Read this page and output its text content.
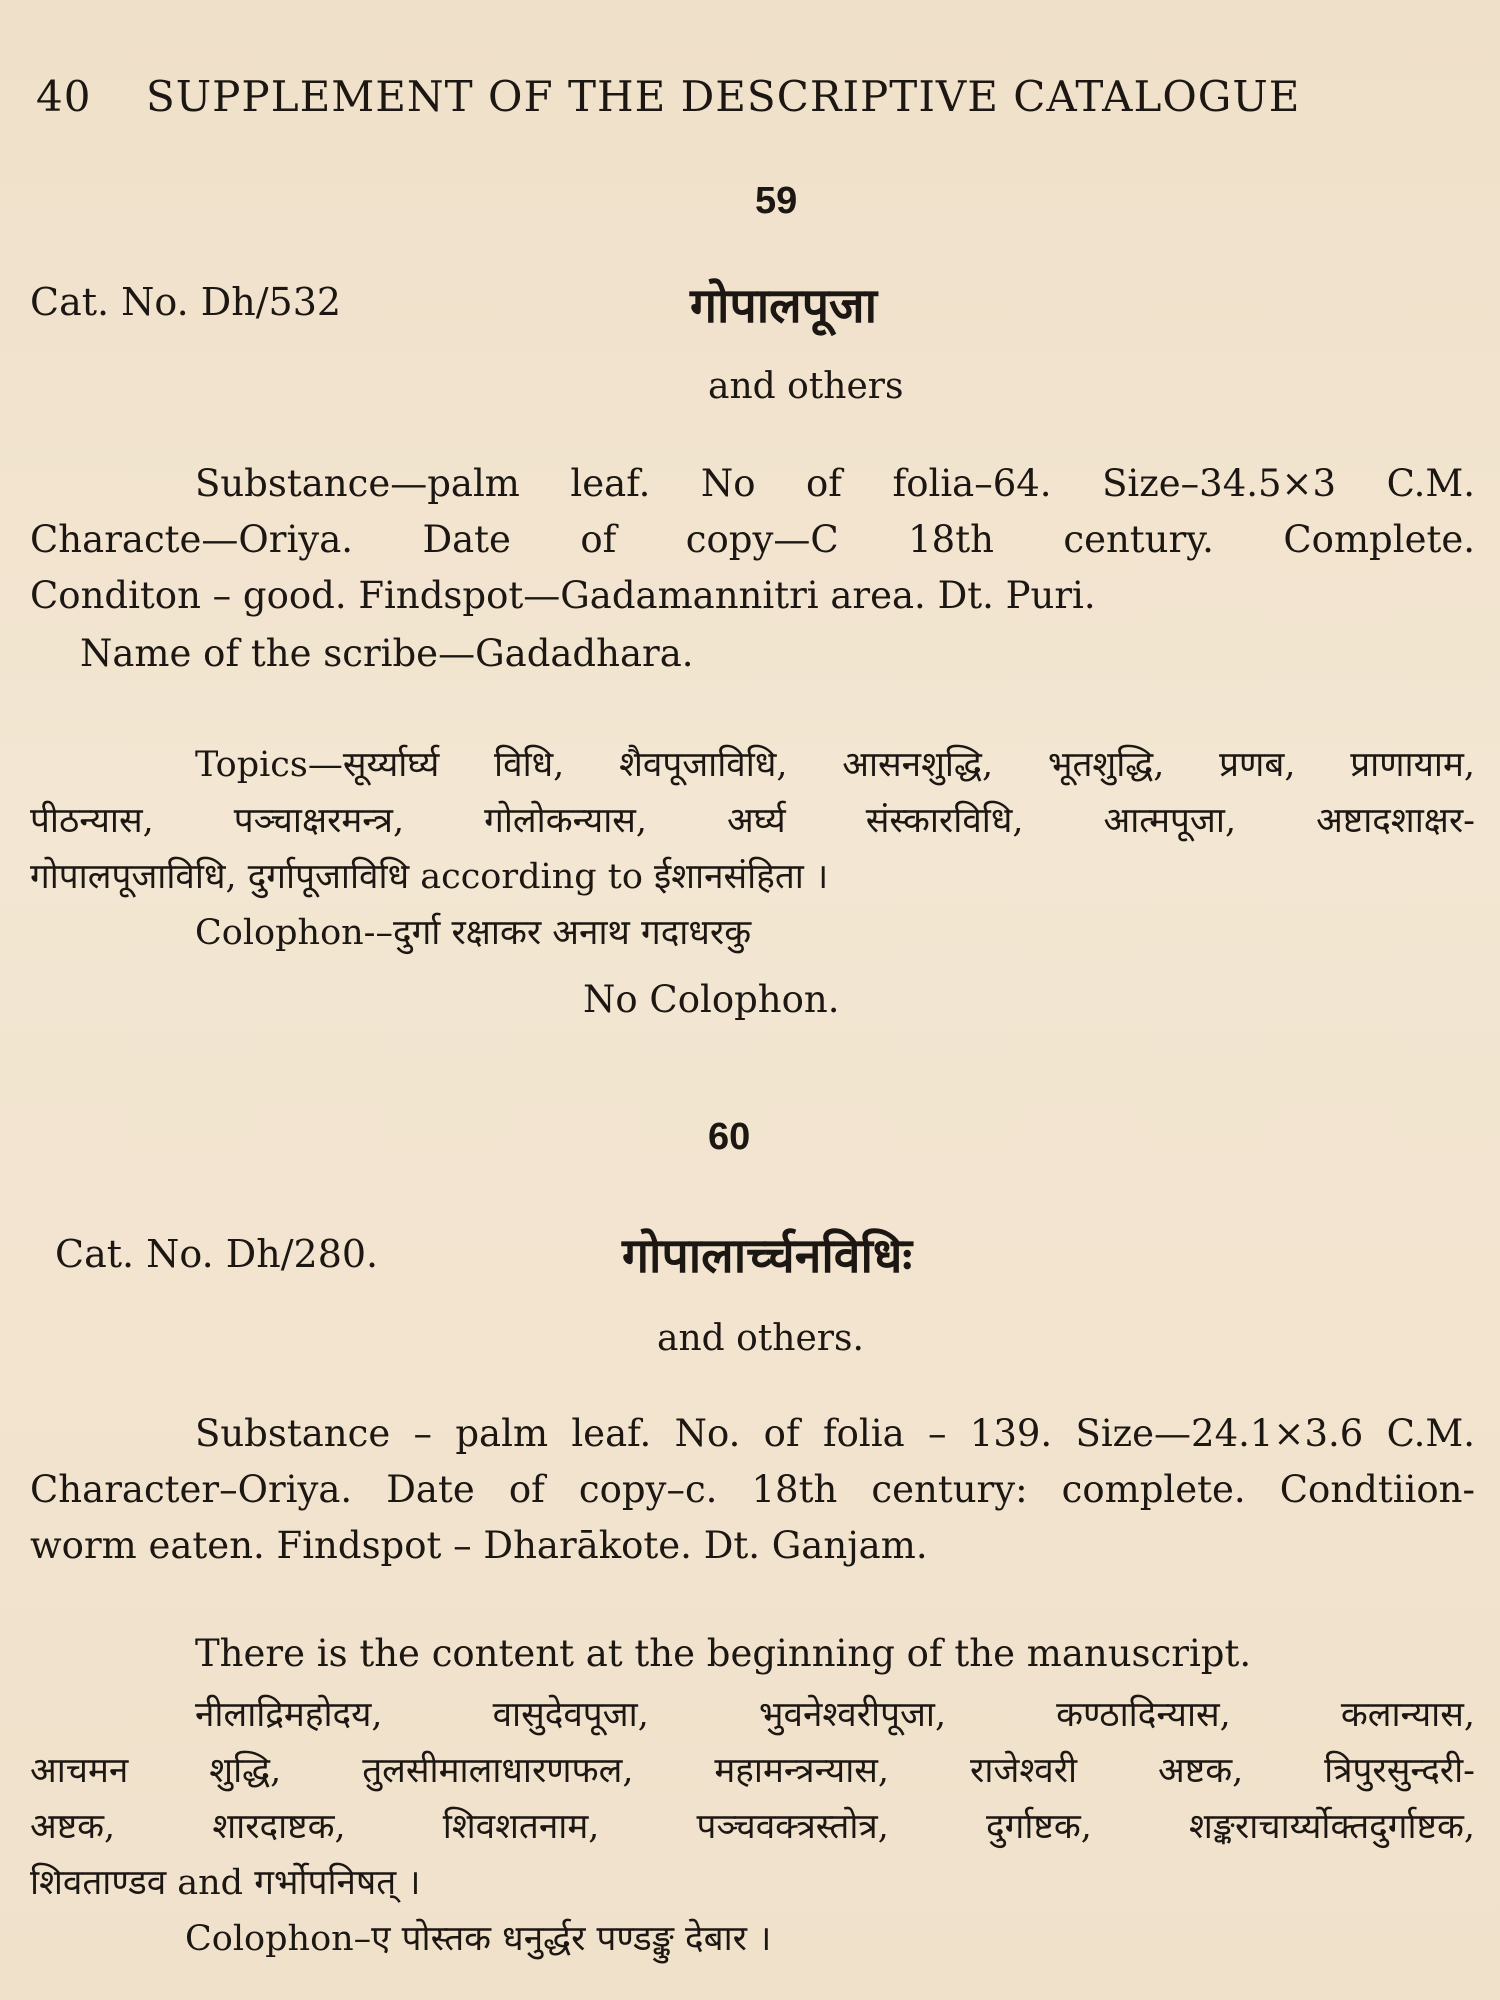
40 SUPPLEMENT OF THE DESCRIPTIVE CATALOGUE
59
Cat. No. Dh/532	गोपालपूजा
and others
Substance—palm leaf. No of folia–64. Size–34.5×3 C.M.
Characte—Oriya. Date of copy—C 18th century. Complete.
Conditon – good. Findspot—Gadamannitri area. Dt. Puri.
Name of the scribe—Gadadhara.
Topics—सूर्य्यार्घ्य विधि, शैवपूजाविधि, आसनशुद्धि, भूतशुद्धि, प्रणब, प्राणायाम,
पीठन्यास, पञ्चाक्षरमन्त्र, गोलोकन्यास, अर्घ्य संस्कारविधि, आत्मपूजा, अष्टादशाक्षर-
गोपालपूजाविधि, दुर्गापूजाविधि according to ईशानसंहिता ।
Colophon-–दुर्गा रक्षाकर अनाथ गदाधरकु
No Colophon.
60
Cat. No. Dh/280.	गोपालार्च्चनविधिः
and others.
Substance – palm leaf. No. of folia – 139. Size—24.1×3.6 C.M.
Character–Oriya. Date of copy–c. 18th century: complete. Condtiion-
worm eaten. Findspot – Dharākote. Dt. Ganjam.
There is the content at the beginning of the manuscript.
नीलाद्रिमहोदय, वासुदेवपूजा, भुवनेश्वरीपूजा, कण्ठादिन्यास, कलान्यास,
आचमन शुद्धि, तुलसीमालाधारणफल, महामन्त्रन्यास, राजेश्वरी अष्टक, त्रिपुरसुन्दरी-
अष्टक, शारदाष्टक, शिवशतनाम, पञ्चवक्त्रस्तोत्र, दुर्गाष्टक, शङ्कराचार्य्योक्तदुर्गाष्टक,
शिवताण्डव and गर्भोपनिषत् ।
Colophon–ए पोस्तक धनुर्द्धर पण्डङ्कु देबार ।
